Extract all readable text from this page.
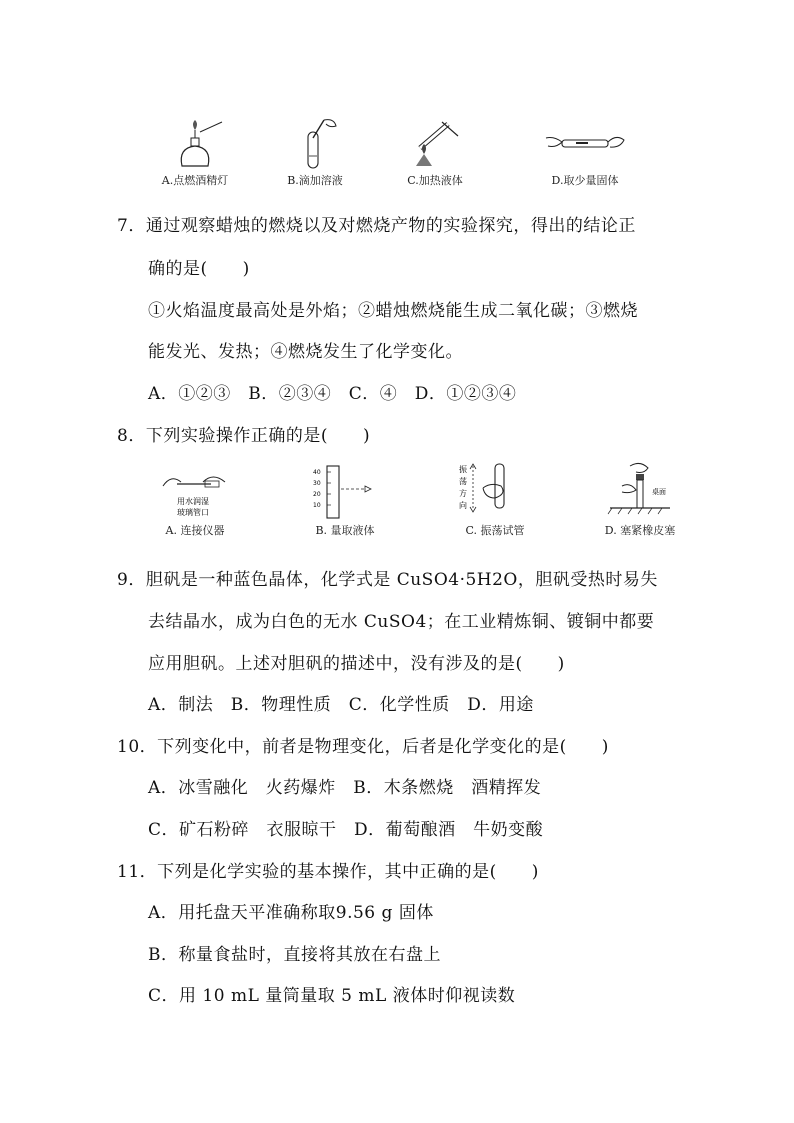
A.点燃酒精灯	B.滴加溶液	C.加热液体	D.取少量固体
7．通过观察蜡烛的燃烧以及对燃烧产物的实验探究，得出的结论正
确的是(　　)
①火焰温度最高处是外焰；②蜡烛燃烧能生成二氧化碳；③燃烧
能发光、发热；④燃烧发生了化学变化。
A．①②③　B．②③④　C．④　D．①②③④
8．下列实验操作正确的是(　　)
用水润湿
玻璃管口
A. 连接仪器
40
30
20
10
B. 量取液体
振
荡
方
向
C. 振荡试管
桌面
D. 塞紧橡皮塞
9．胆矾是一种蓝色晶体，化学式是 CuSO4·5H2O，胆矾受热时易失
去结晶水，成为白色的无水 CuSO4；在工业精炼铜、镀铜中都要
应用胆矾。上述对胆矾的描述中，没有涉及的是(　　)
A．制法　B．物理性质　C．化学性质　D．用途
10．下列变化中，前者是物理变化，后者是化学变化的是(　　)
A．冰雪融化　火药爆炸　B．木条燃烧　酒精挥发
C．矿石粉碎　衣服晾干　D．葡萄酿酒　牛奶变酸
11．下列是化学实验的基本操作，其中正确的是(　　)
A．用托盘天平准确称取9.56 g 固体
B．称量食盐时，直接将其放在右盘上
C．用 10 mL 量筒量取 5 mL 液体时仰视读数
